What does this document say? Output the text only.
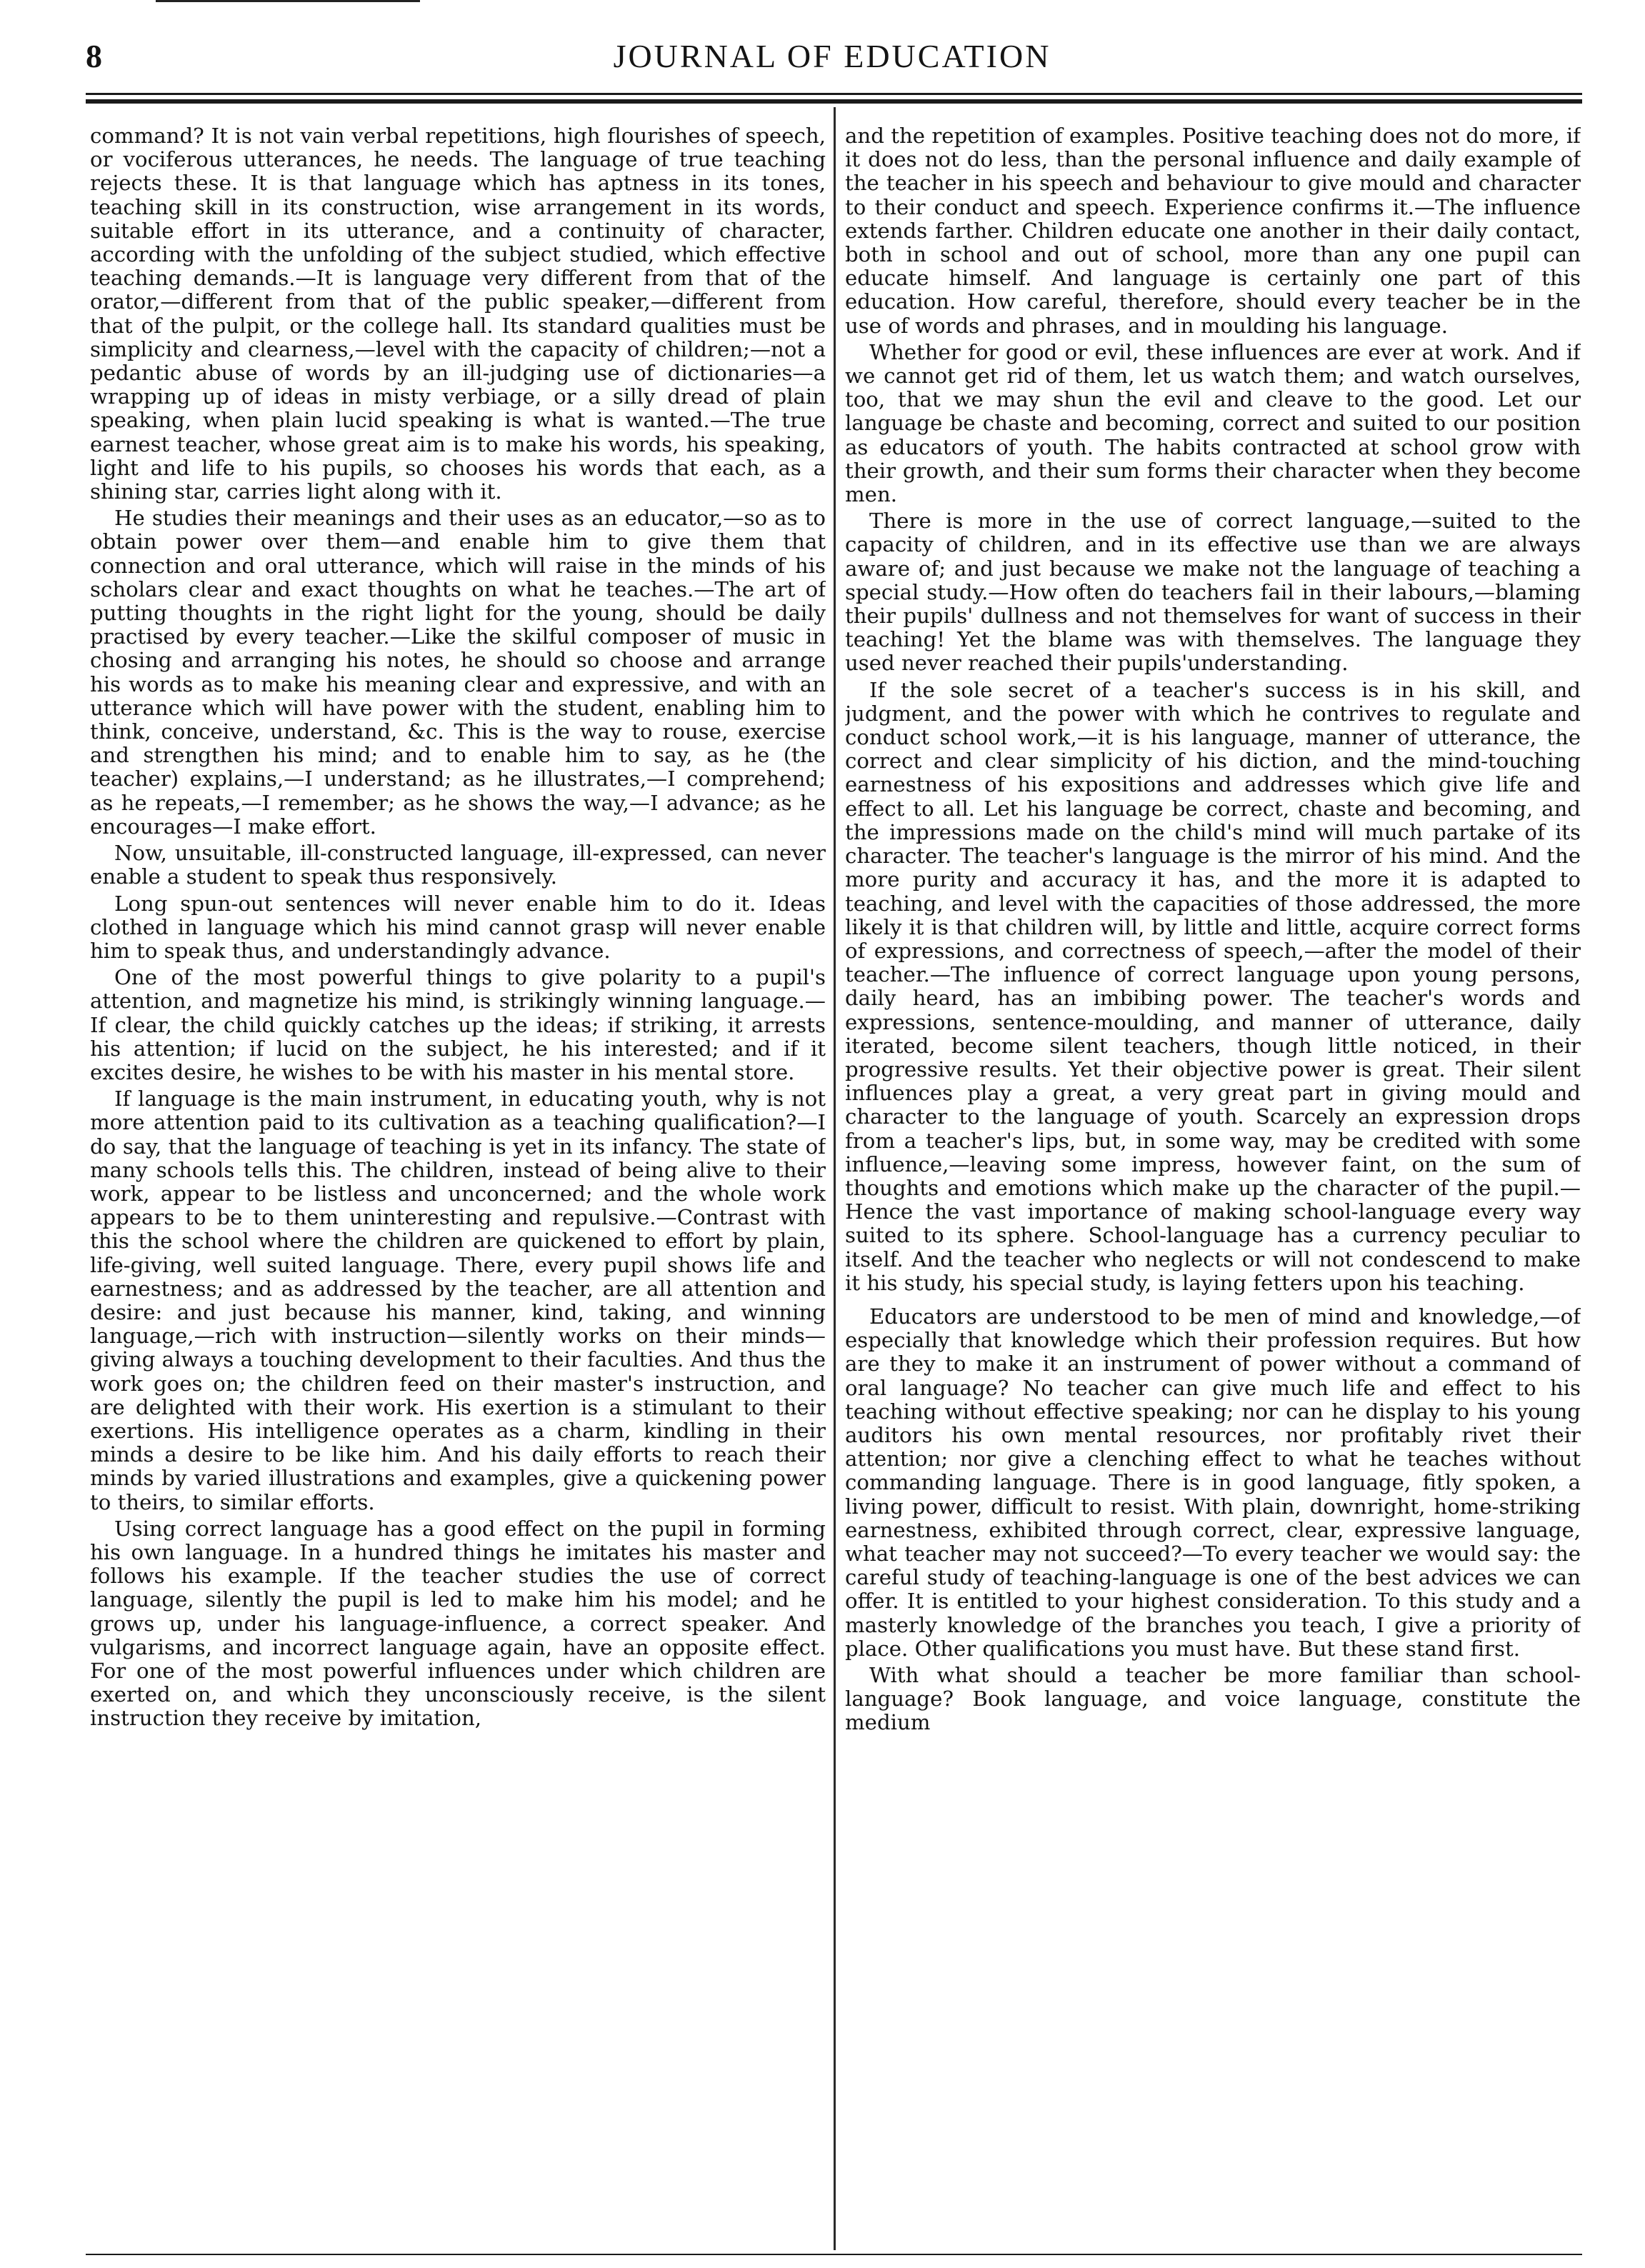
JOURNAL OF EDUCATION
8

command? It is not vain verbal repetitions, high flourishes of speech, or vociferous utterances, he needs. The language of true teaching rejects these. It is that language which has aptness in its tones, teaching skill in its construction, wise arrangement in its words, suitable effort in its utterance, and a continuity of character, according with the unfolding of the subject studied, which effective teaching demands.—It is language very different from that of the orator,—different from that of the public speaker,—different from that of the pulpit, or the college hall. Its standard qualities must be simplicity and clearness,—level with the capacity of children;—not a pedantic abuse of words by an ill-judging use of dictionaries—a wrapping up of ideas in misty verbiage, or a silly dread of plain speaking, when plain lucid speaking is what is wanted.—The true earnest teacher, whose great aim is to make his words, his speaking, light and life to his pupils, so chooses his words that each, as a shining star, carries light along with it.

He studies their meanings and their uses as an educator,—so as to obtain power over them—and enable him to give them that connection and oral utterance, which will raise in the minds of his scholars clear and exact thoughts on what he teaches.—The art of putting thoughts in the right light for the young, should be daily practised by every teacher.—Like the skilful composer of music in chosing and arranging his notes, he should so choose and arrange his words as to make his meaning clear and expressive, and with an utterance which will have power with the student, enabling him to think, conceive, understand, &c. This is the way to rouse, exercise and strengthen his mind; and to enable him to say, as he (the teacher) explains,—I understand; as he illustrates,—I comprehend; as he repeats,—I remember; as he shows the way,—I advance; as he encourages—I make effort.

Now, unsuitable, ill-constructed language, ill-expressed, can never enable a student to speak thus responsively.

Long spun-out sentences will never enable him to do it. Ideas clothed in language which his mind cannot grasp will never enable him to speak thus, and understandingly advance.

One of the most powerful things to give polarity to a pupil's attention, and magnetize his mind, is strikingly winning language.—If clear, the child quickly catches up the ideas; if striking, it arrests his attention; if lucid on the subject, he his interested; and if it excites desire, he wishes to be with his master in his mental store.

If language is the main instrument, in educating youth, why is not more attention paid to its cultivation as a teaching qualification?—I do say, that the language of teaching is yet in its infancy. The state of many schools tells this. The children, instead of being alive to their work, appear to be listless and unconcerned; and the whole work appears to be to them uninteresting and repulsive.—Contrast with this the school where the children are quickened to effort by plain, life-giving, well suited language. There, every pupil shows life and earnestness; and as addressed by the teacher, are all attention and desire: and just because his manner, kind, taking, and winning language,—rich with instruction—silently works on their minds—giving always a touching development to their faculties. And thus the work goes on; the children feed on their master's instruction, and are delighted with their work. His exertion is a stimulant to their exertions. His intelligence operates as a charm, kindling in their minds a desire to be like him. And his daily efforts to reach their minds by varied illustrations and examples, give a quickening power to theirs, to similar efforts.

Using correct language has a good effect on the pupil in forming his own language. In a hundred things he imitates his master and follows his example. If the teacher studies the use of correct language, silently the pupil is led to make him his model; and he grows up, under his language-influence, a correct speaker. And vulgarisms, and incorrect language again, have an opposite effect. For one of the most powerful influences under which children are exerted on, and which they unconsciously receive, is the silent instruction they receive by imitation,

and the repetition of examples. Positive teaching does not do more, if it does not do less, than the personal influence and daily example of the teacher in his speech and behaviour to give mould and character to their conduct and speech. Experience confirms it.—The influence extends farther. Children educate one another in their daily contact, both in school and out of school, more than any one pupil can educate himself. And language is certainly one part of this education. How careful, therefore, should every teacher be in the use of words and phrases, and in moulding his language.

Whether for good or evil, these influences are ever at work. And if we cannot get rid of them, let us watch them; and watch ourselves, too, that we may shun the evil and cleave to the good. Let our language be chaste and becoming, correct and suited to our position as educators of youth. The habits contracted at school grow with their growth, and their sum forms their character when they become men.

There is more in the use of correct language,—suited to the capacity of children, and in its effective use than we are always aware of; and just because we make not the language of teaching a special study.—How often do teachers fail in their labours,—blaming their pupils' dullness and not themselves for want of success in their teaching! Yet the blame was with themselves. The language they used never reached their pupils'understanding.

If the sole secret of a teacher's success is in his skill, and judgment, and the power with which he contrives to regulate and conduct school work,—it is his language, manner of utterance, the correct and clear simplicity of his diction, and the mind-touching earnestness of his expositions and addresses which give life and effect to all. Let his language be correct, chaste and becoming, and the impressions made on the child's mind will much partake of its character. The teacher's language is the mirror of his mind. And the more purity and accuracy it has, and the more it is adapted to teaching, and level with the capacities of those addressed, the more likely it is that children will, by little and little, acquire correct forms of expressions, and correctness of speech,—after the model of their teacher.—The influence of correct language upon young persons, daily heard, has an imbibing power. The teacher's words and expressions, sentence-moulding, and manner of utterance, daily iterated, become silent teachers, though little noticed, in their progressive results. Yet their objective power is great. Their silent influences play a great, a very great part in giving mould and character to the language of youth. Scarcely an expression drops from a teacher's lips, but, in some way, may be credited with some influence,—leaving some impress, however faint, on the sum of thoughts and emotions which make up the character of the pupil.—Hence the vast importance of making school-language every way suited to its sphere. School-language has a currency peculiar to itself. And the teacher who neglects or will not condescend to make it his study, his special study, is laying fetters upon his teaching.

Educators are understood to be men of mind and knowledge,—of especially that knowledge which their profession requires. But how are they to make it an instrument of power without a command of oral language? No teacher can give much life and effect to his teaching without effective speaking; nor can he display to his young auditors his own mental resources, nor profitably rivet their attention; nor give a clenching effect to what he teaches without commanding language. There is in good language, fitly spoken, a living power, difficult to resist. With plain, downright, home-striking earnestness, exhibited through correct, clear, expressive language, what teacher may not succeed?—To every teacher we would say: the careful study of teaching-language is one of the best advices we can offer. It is entitled to your highest consideration. To this study and a masterly knowledge of the branches you teach, I give a priority of place. Other qualifications you must have. But these stand first.

With what should a teacher be more familiar than school-language? Book language, and voice language, constitute the medium
